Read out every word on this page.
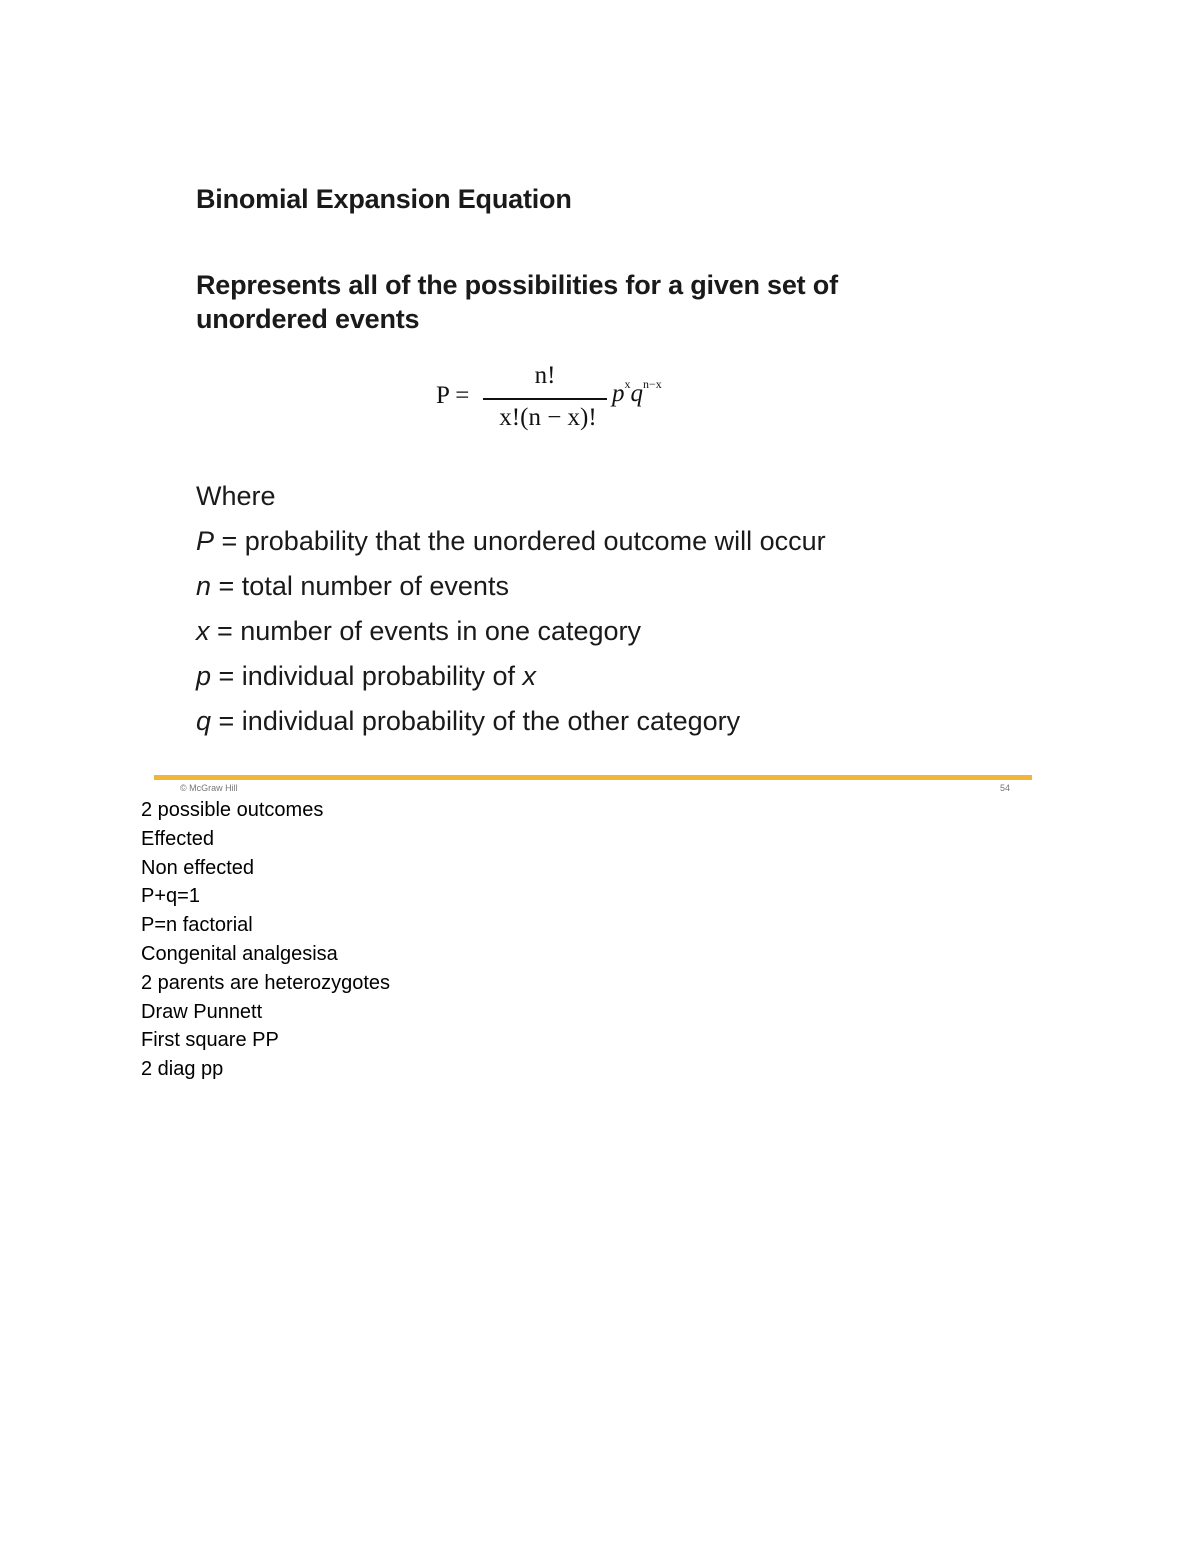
Binomial Expansion Equation
Represents all of the possibilities for a given set of unordered events
P =
n!
x!(n − x)!
$p^xq^{n-x}$
Where
P = probability that the unordered outcome will occur
n = total number of events
x = number of events in one category
p = individual probability of x
q = individual probability of the other category
© McGraw Hill	54
2 possible outcomes
Effected
Non effected
P+q=1
P=n factorial
Congenital analgesisa
2 parents are heterozygotes
Draw Punnett
First square PP
2 diag pp
